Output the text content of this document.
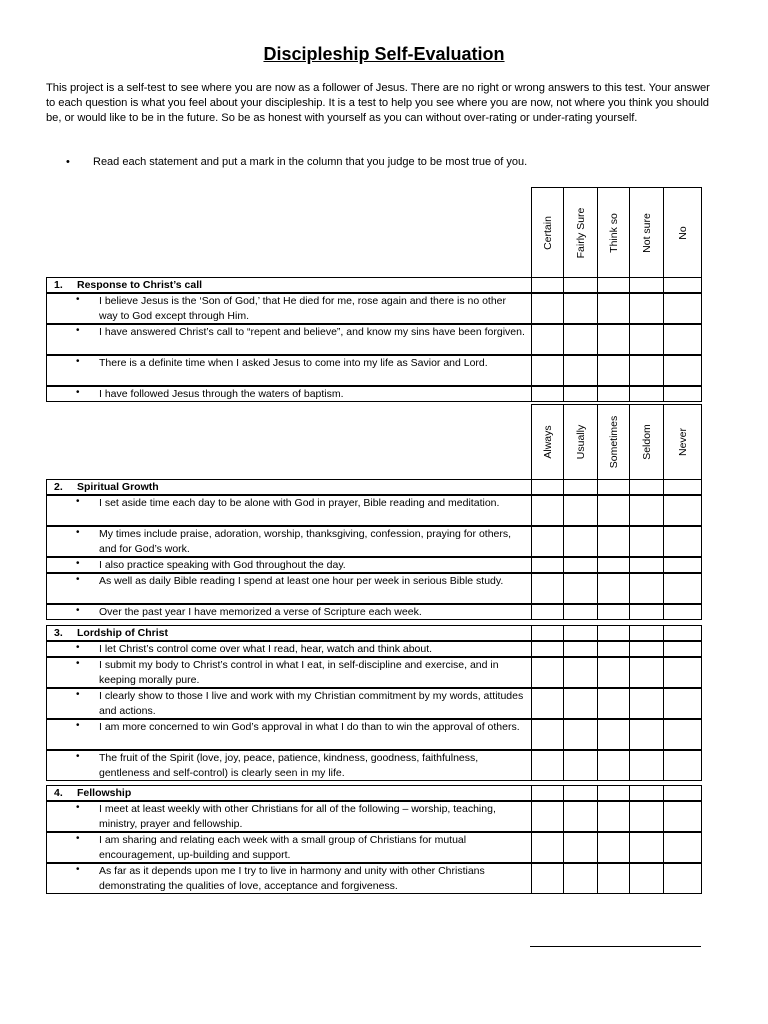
Discipleship Self-Evaluation
This project is a self-test to see where you are now as a follower of Jesus. There are no right or wrong answers to this test. Your answer to each question is what you feel about your discipleship. It is a test to help you see where you are now, not where you think you should be, or would like to be in the future. So be as honest with yourself as you can without over-rating or under-rating yourself.
• Read each statement and put a mark in the column that you judge to be most true of you.
Certain Fairly Sure Think so Not sure No
Always Usually Sometimes Seldom Never
1. Response to Christ’s call
• I believe Jesus is the ‘Son of God,’ that He died for me, rose again and there is no other way to God except through Him.
• I have answered Christ’s call to “repent and believe”, and know my sins have been forgiven.
• There is a definite time when I asked Jesus to come into my life as Savior and Lord.
• I have followed Jesus through the waters of baptism.
2. Spiritual Growth
• I set aside time each day to be alone with God in prayer, Bible reading and meditation.
• My times include praise, adoration, worship, thanksgiving, confession, praying for others, and for God’s work.
• I also practice speaking with God throughout the day.
• As well as daily Bible reading I spend at least one hour per week in serious Bible study.
• Over the past year I have memorized a verse of Scripture each week.
3. Lordship of Christ
• I let Christ’s control come over what I read, hear, watch and think about.
• I submit my body to Christ’s control in what I eat, in self-discipline and exercise, and in keeping morally pure.
• I clearly show to those I live and work with my Christian commitment by my words, attitudes and actions.
• I am more concerned to win God’s approval in what I do than to win the approval of others.
• The fruit of the Spirit (love, joy, peace, patience, kindness, goodness, faithfulness, gentleness and self-control) is clearly seen in my life.
4. Fellowship
• I meet at least weekly with other Christians for all of the following – worship, teaching, ministry, prayer and fellowship.
• I am sharing and relating each week with a small group of Christians for mutual encouragement, up-building and support.
• As far as it depends upon me I try to live in harmony and unity with other Christians demonstrating the qualities of love, acceptance and forgiveness.
